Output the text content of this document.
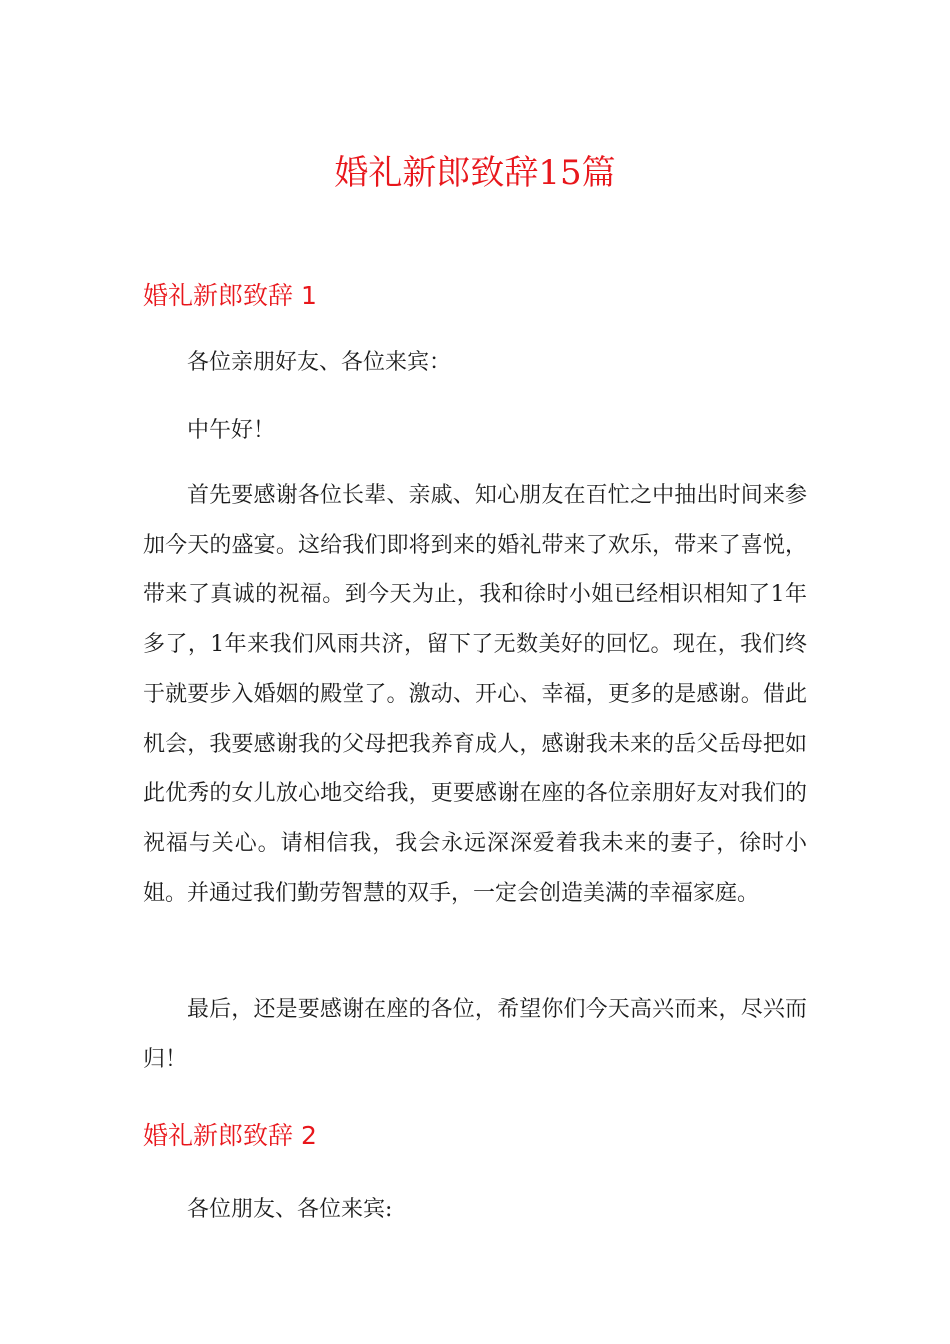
婚礼新郎致辞15篇
婚礼新郎致辞 1

各位亲朋好友、各位来宾：

中午好！

首先要感谢各位长辈、亲戚、知心朋友在百忙之中抽出时间来参加今天的盛宴。这给我们即将到来的婚礼带来了欢乐，带来了喜悦，带来了真诚的祝福。到今天为止，我和徐时小姐已经相识相知了1年多了，1年来我们风雨共济，留下了无数美好的回忆。现在，我们终于就要步入婚姻的殿堂了。激动、开心、幸福，更多的是感谢。借此机会，我要感谢我的父母把我养育成人，感谢我未来的岳父岳母把如此优秀的女儿放心地交给我，更要感谢在座的各位亲朋好友对我们的祝福与关心。请相信我，我会永远深深爱着我未来的妻子，徐时小姐。并通过我们勤劳智慧的双手，一定会创造美满的幸福家庭。

最后，还是要感谢在座的各位，希望你们今天高兴而来，尽兴而归！

婚礼新郎致辞 2

各位朋友、各位来宾:
